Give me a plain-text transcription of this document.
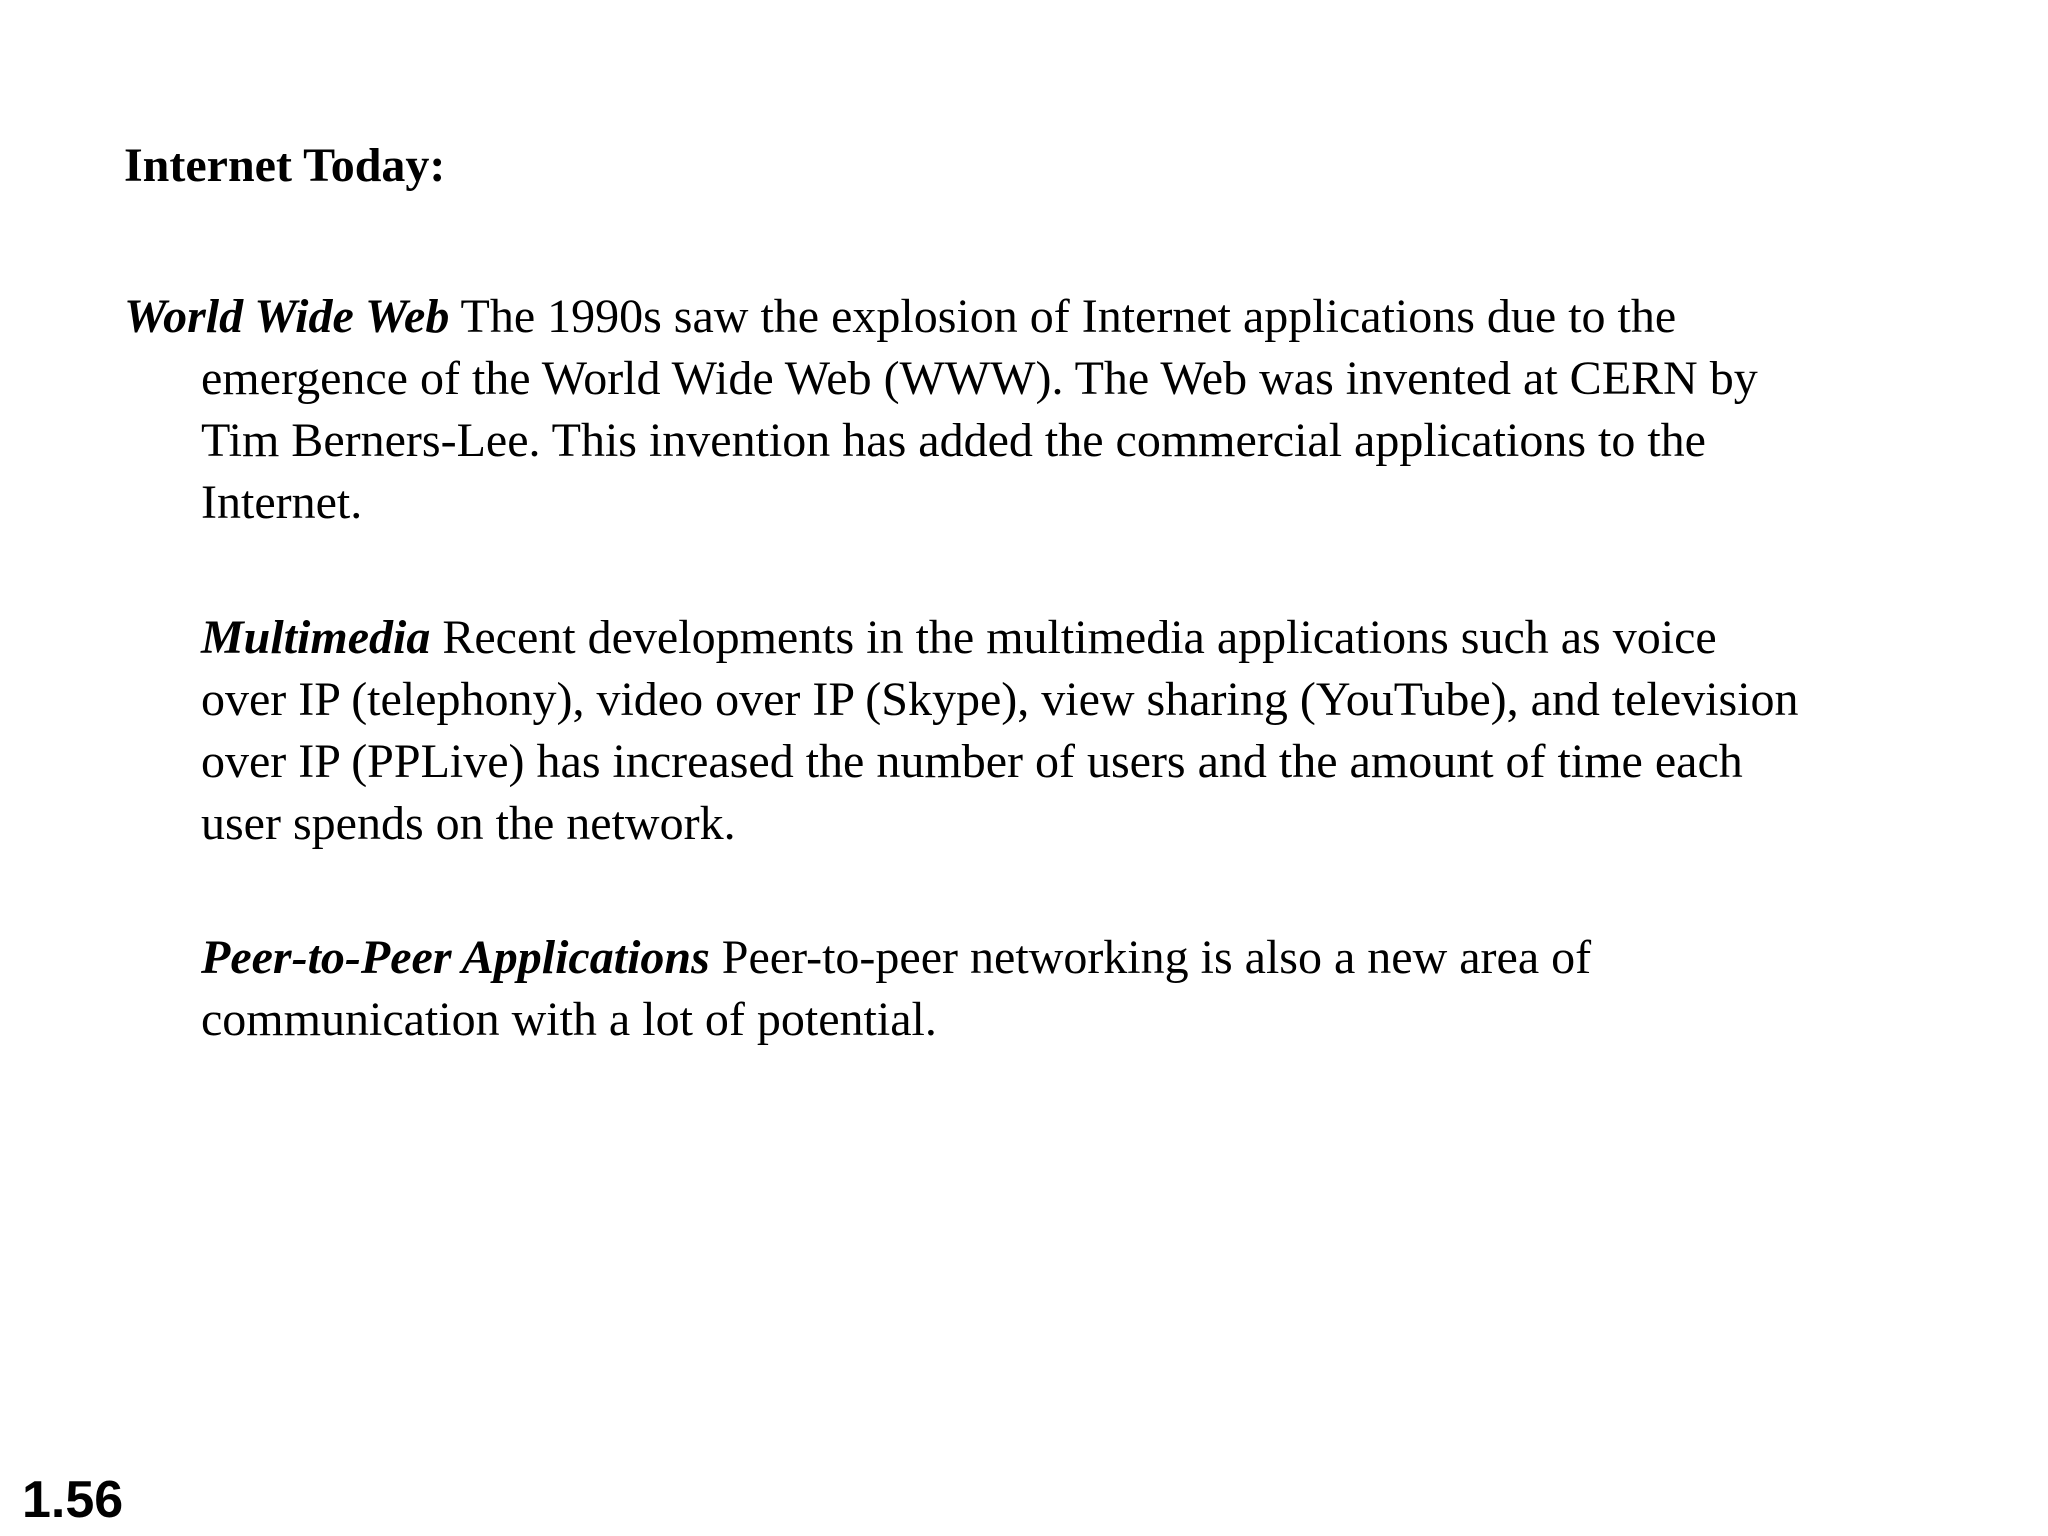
Internet Today:
World Wide Web The 1990s saw the explosion of Internet applications due to the
emergence of the World Wide Web (WWW). The Web was invented at CERN by
Tim Berners-Lee. This invention has added the commercial applications to the
Internet.
Multimedia Recent developments in the multimedia applications such as voice
over IP (telephony), video over IP (Skype), view sharing (YouTube), and television
over IP (PPLive) has increased the number of users and the amount of time each
user spends on the network.
Peer-to-Peer Applications Peer-to-peer networking is also a new area of
communication with a lot of potential.
1.56
